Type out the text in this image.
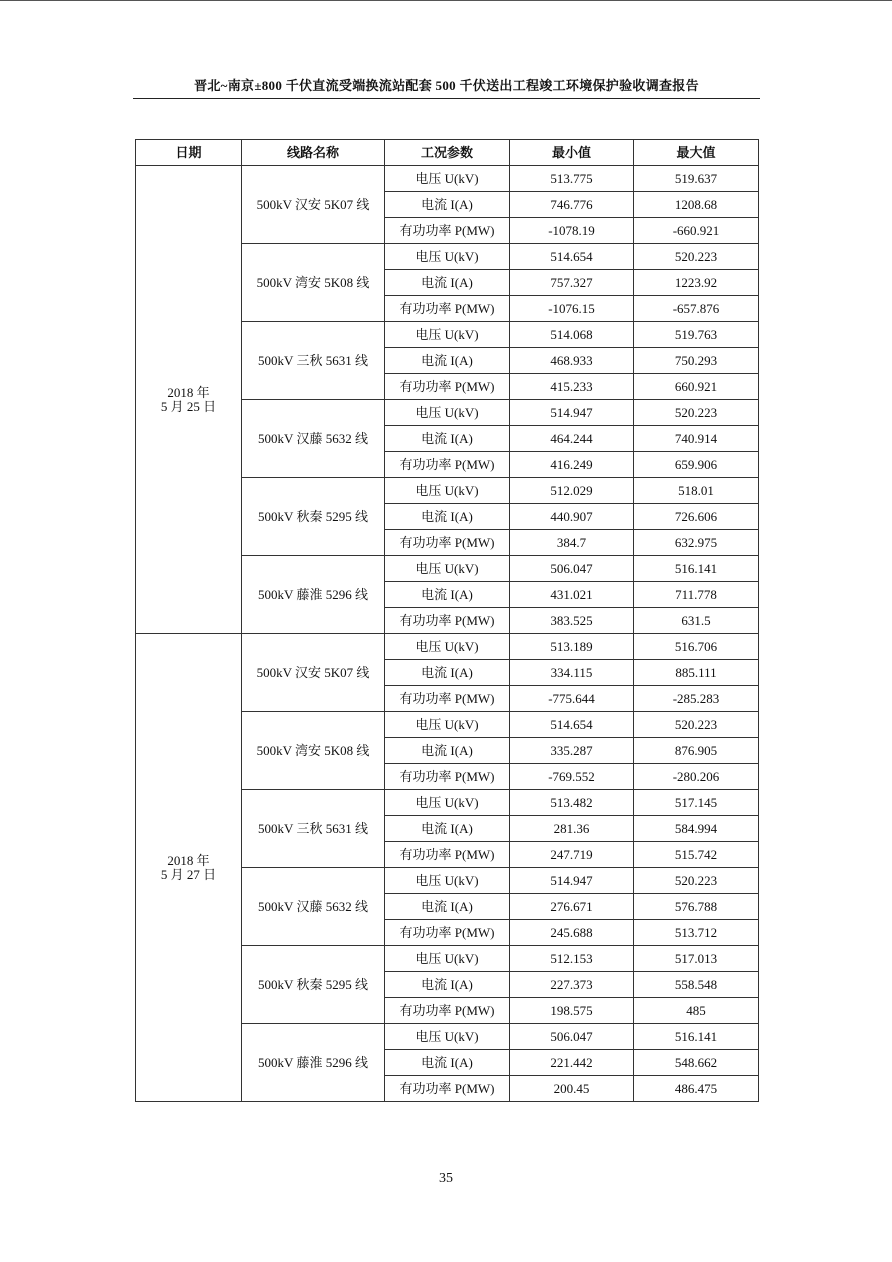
晋北~南京±800 千伏直流受端换流站配套 500 千伏送出工程竣工环境保护验收调查报告
日期	线路名称	工况参数	最小值	最大值

2018 年
5 月 25 日	500kV 汉安 5K07 线	电压 U(kV)	513.775	519.637
		电流 I(A)	746.776	1208.68
		有功功率 P(MW)	-1078.19	-660.921
	500kV 湾安 5K08 线	电压 U(kV)	514.654	520.223
		电流 I(A)	757.327	1223.92
		有功功率 P(MW)	-1076.15	-657.876
	500kV 三秋 5631 线	电压 U(kV)	514.068	519.763
		电流 I(A)	468.933	750.293
		有功功率 P(MW)	415.233	660.921
	500kV 汉藤 5632 线	电压 U(kV)	514.947	520.223
		电流 I(A)	464.244	740.914
		有功功率 P(MW)	416.249	659.906
	500kV 秋秦 5295 线	电压 U(kV)	512.029	518.01
		电流 I(A)	440.907	726.606
		有功功率 P(MW)	384.7	632.975
	500kV 藤淮 5296 线	电压 U(kV)	506.047	516.141
		电流 I(A)	431.021	711.778
		有功功率 P(MW)	383.525	631.5

2018 年
5 月 27 日	500kV 汉安 5K07 线	电压 U(kV)	513.189	516.706
		电流 I(A)	334.115	885.111
		有功功率 P(MW)	-775.644	-285.283
	500kV 湾安 5K08 线	电压 U(kV)	514.654	520.223
		电流 I(A)	335.287	876.905
		有功功率 P(MW)	-769.552	-280.206
	500kV 三秋 5631 线	电压 U(kV)	513.482	517.145
		电流 I(A)	281.36	584.994
		有功功率 P(MW)	247.719	515.742
	500kV 汉藤 5632 线	电压 U(kV)	514.947	520.223
		电流 I(A)	276.671	576.788
		有功功率 P(MW)	245.688	513.712
	500kV 秋秦 5295 线	电压 U(kV)	512.153	517.013
		电流 I(A)	227.373	558.548
		有功功率 P(MW)	198.575	485
	500kV 藤淮 5296 线	电压 U(kV)	506.047	516.141
		电流 I(A)	221.442	548.662
		有功功率 P(MW)	200.45	486.475
35
